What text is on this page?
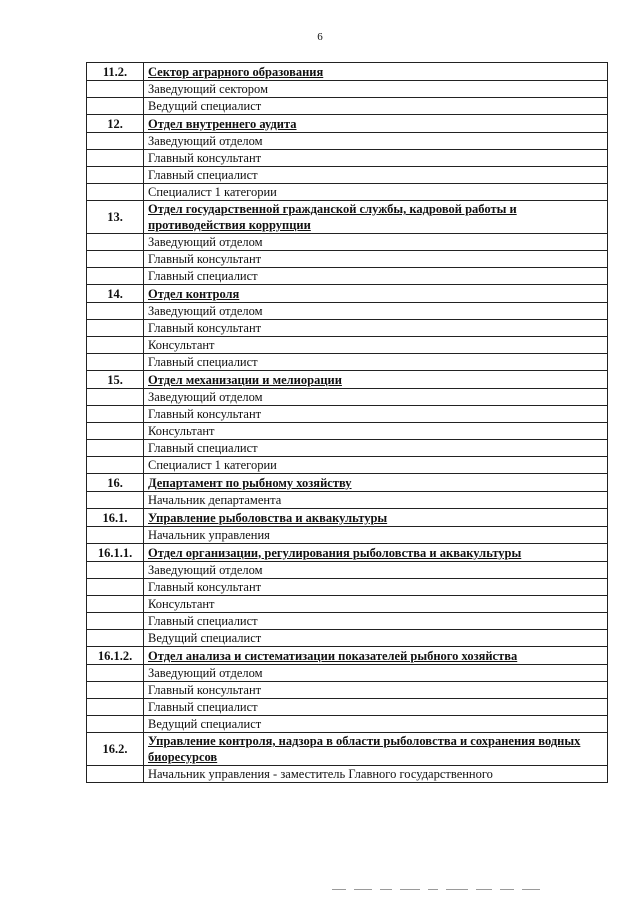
6
11.2.	Сектор аграрного образования
	Заведующий сектором
	Ведущий специалист
12.	Отдел внутреннего аудита
	Заведующий отделом
	Главный консультант
	Главный специалист
	Специалист 1 категории
13.	Отдел государственной гражданской службы, кадровой работы и противодействия коррупции
	Заведующий отделом
	Главный консультант
	Главный специалист
14.	Отдел контроля
	Заведующий отделом
	Главный консультант
	Консультант
	Главный специалист
15.	Отдел механизации и мелиорации
	Заведующий отделом
	Главный консультант
	Консультант
	Главный специалист
	Специалист 1 категории
16.	Департамент по рыбному хозяйству
	Начальник департамента
16.1.	Управление рыболовства и аквакультуры
	Начальник управления
16.1.1.	Отдел организации, регулирования рыболовства и аквакультуры
	Заведующий отделом
	Главный консультант
	Консультант
	Главный специалист
	Ведущий специалист
16.1.2.	Отдел анализа и систематизации показателей рыбного хозяйства
	Заведующий отделом
	Главный консультант
	Главный специалист
	Ведущий специалист
16.2.	Управление контроля, надзора в области рыболовства и сохранения водных биоресурсов
	Начальник управления - заместитель Главного государственного
